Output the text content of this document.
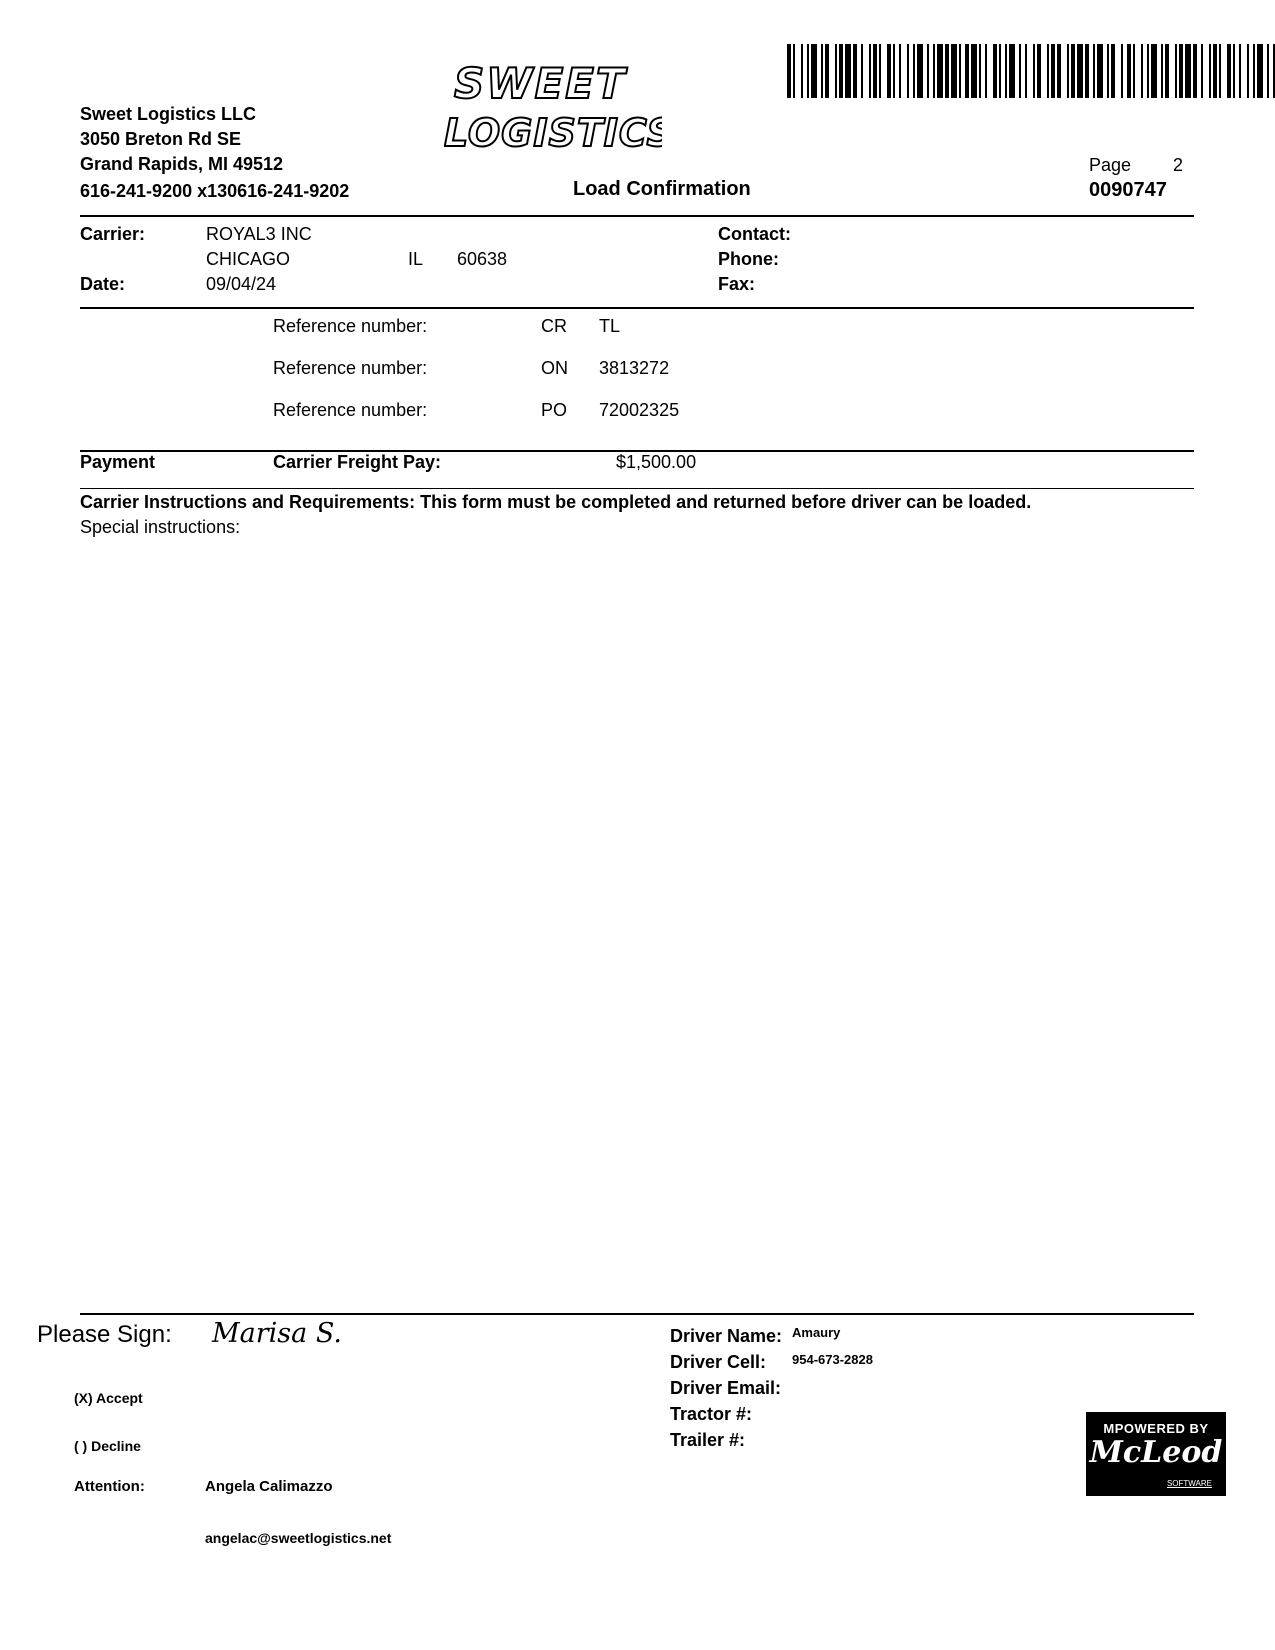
SWEET
LOGISTICS
Sweet Logistics LLC
3050 Breton Rd SE
Grand Rapids, MI 49512
616-241-9200 x130616-241-9202	Load Confirmation
Page 2
0090747
Carrier:	ROYAL3 INC
CHICAGO	IL 60638
Date:	09/04/24
Contact:
Phone:
Fax:
Reference number:	CR TL
Reference number:	ON 3813272
Reference number:	PO 72002325
Payment	Carrier Freight Pay:	$1,500.00
Carrier Instructions and Requirements: This form must be completed and returned before driver can be loaded.
Special instructions:
Please Sign: Marisa S.
(X) Accept
( ) Decline
Attention:	Angela Calimazzo
angelac@sweetlogistics.net
Driver Name: Amaury
Driver Cell: 954-673-2828
Driver Email:
Tractor #:
Trailer #:
MPOWERED BY
McLeod
SOFTWARE
